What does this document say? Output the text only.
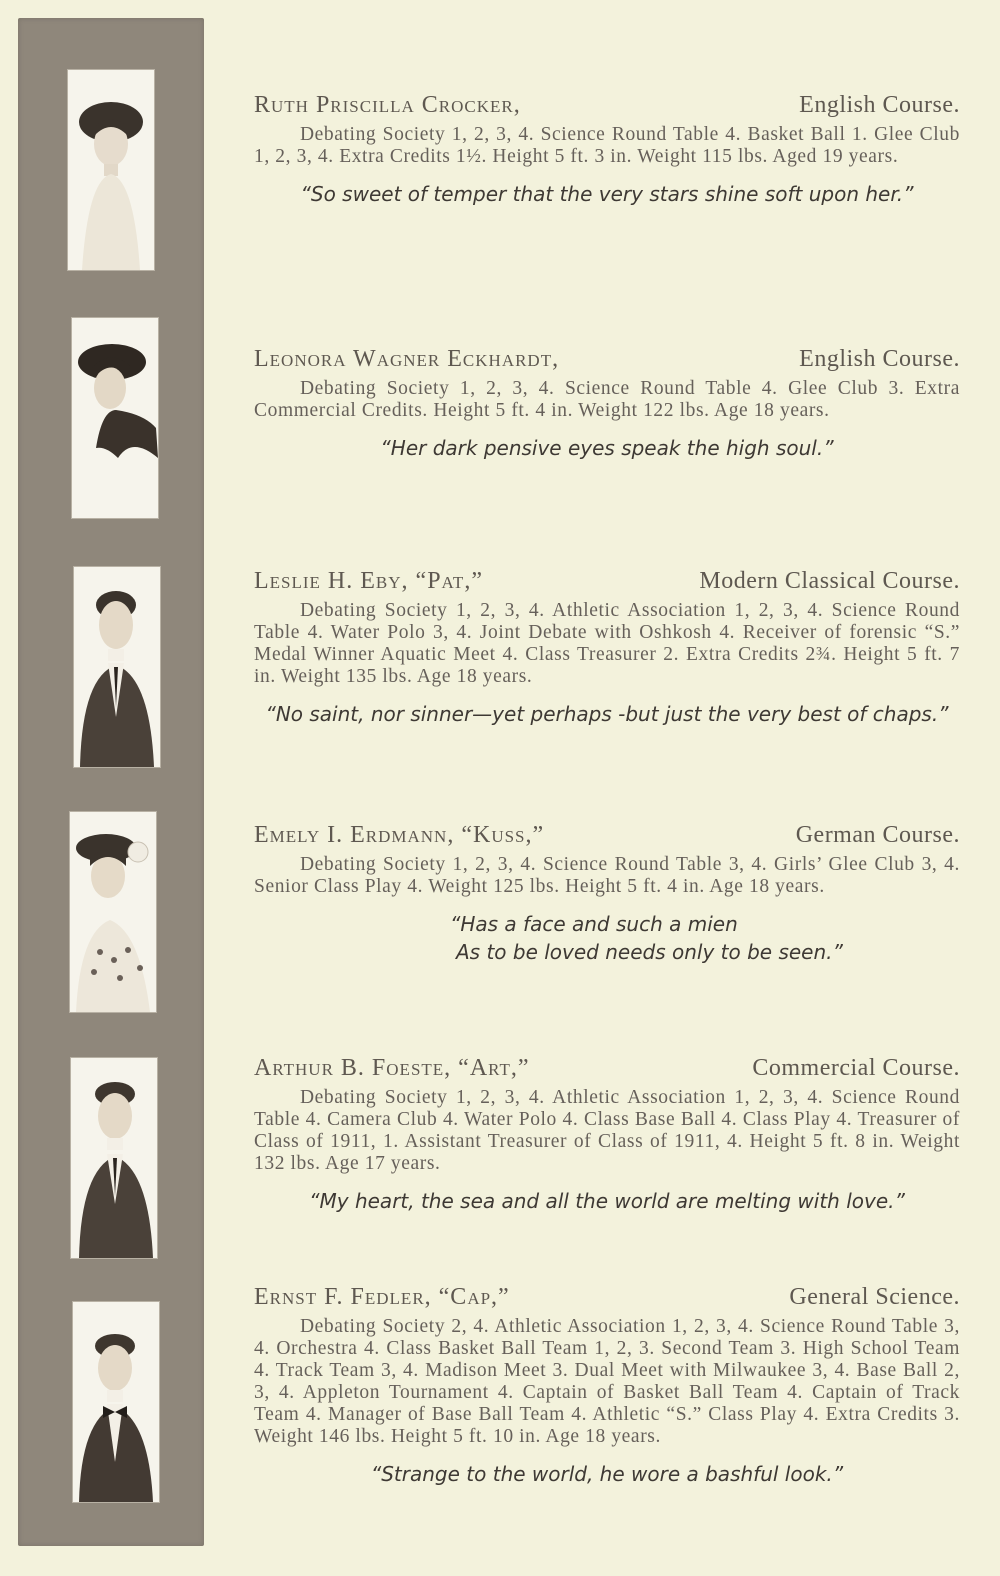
Ruth Priscilla Crocker,	English Course.

Debating Society 1, 2, 3, 4. Science Round Table 4. Basket Ball 1. Glee Club 1, 2, 3, 4. Extra Credits 1½. Height 5 ft. 3 in. Weight 115 lbs. Aged 19 years.

“So sweet of temper that the very stars shine soft upon her.”
Leonora Wagner Eckhardt,	English Course.

Debating Society 1, 2, 3, 4. Science Round Table 4. Glee Club 3. Extra Commercial Credits. Height 5 ft. 4 in. Weight 122 lbs. Age 18 years.

“Her dark pensive eyes speak the high soul.”
Leslie H. Eby, “Pat,”	Modern Classical Course.

Debating Society 1, 2, 3, 4. Athletic Association 1, 2, 3, 4. Science Round Table 4. Water Polo 3, 4. Joint Debate with Oshkosh 4. Receiver of forensic “S.” Medal Winner Aquatic Meet 4. Class Treasurer 2. Extra Credits 2¾. Height 5 ft. 7 in. Weight 135 lbs. Age 18 years.

“No saint, nor sinner—yet perhaps -but just the very best of chaps.”
Emely I. Erdmann, “Kuss,”	German Course.

Debating Society 1, 2, 3, 4. Science Round Table 3, 4. Girls’ Glee Club 3, 4. Senior Class Play 4. Weight 125 lbs. Height 5 ft. 4 in. Age 18 years.

“Has a face and such a mien
As to be loved needs only to be seen.”
Arthur B. Foeste, “Art,”	Commercial Course.

Debating Society 1, 2, 3, 4. Athletic Association 1, 2, 3, 4. Science Round Table 4. Camera Club 4. Water Polo 4. Class Base Ball 4. Class Play 4. Treasurer of Class of 1911, 1. Assistant Treasurer of Class of 1911, 4. Height 5 ft. 8 in. Weight 132 lbs. Age 17 years.

“My heart, the sea and all the world are melting with love.”
Ernst F. Fedler, “Cap,”	General Science.

Debating Society 2, 4. Athletic Association 1, 2, 3, 4. Science Round Table 3, 4. Orchestra 4. Class Basket Ball Team 1, 2, 3. Second Team 3. High School Team 4. Track Team 3, 4. Madison Meet 3. Dual Meet with Milwaukee 3, 4. Base Ball 2, 3, 4. Appleton Tournament 4. Captain of Basket Ball Team 4. Captain of Track Team 4. Manager of Base Ball Team 4. Athletic “S.” Class Play 4. Extra Credits 3. Weight 146 lbs. Height 5 ft. 10 in. Age 18 years.

“Strange to the world, he wore a bashful look.”
